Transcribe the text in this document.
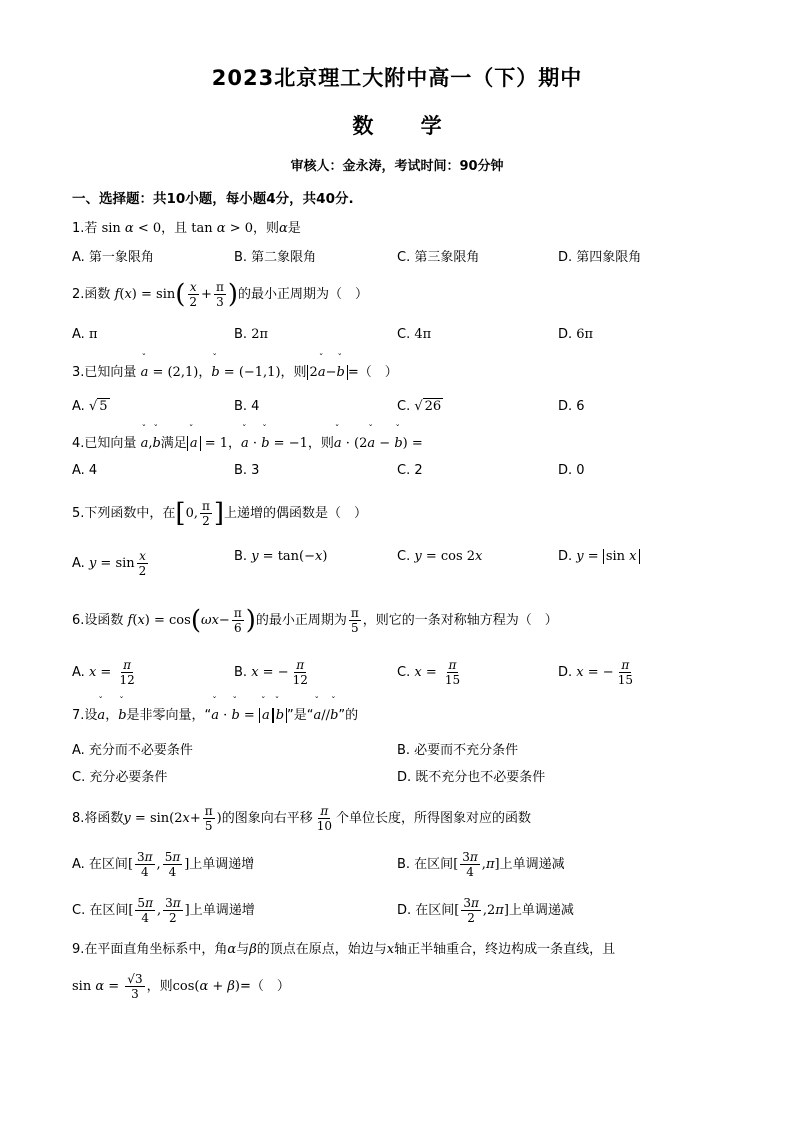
2023北京理工大附中高一（下）期中
数 学
审核人：金永涛，考试时间：90分钟
一、选择题：共10小题，每小题4分，共40分.
1.若 sin α < 0，且 tan α > 0，则α是
A. 第一象限角	B. 第二象限角	C. 第三象限角	D. 第四象限角
2.函数 $f(x) = \sin( \frac{x}{2} + \frac{\pi}{3}$ )的最小正周期为（　）
A. π	B. 2π	C. 4π	D. 6π
3.已知向量 ˇ a = (2,1)，ˇ b = (−1,1)，则 2ˇ a−ˇ b =（　）
A. √ 5	B. 4	C. √ 26	D. 6
4.已知向量 ˇ a,ˇ b满足 ˇ a = 1，ˇ a · ˇ b = −1，则ˇ a · (2ˇ a − ˇ b) =
A. 4	B. 3	C. 2	D. 0
5.下列函数中，在[0, $\frac{\pi}{2}$ ]上递增的偶函数是（　）
A. $y = \sin \frac{x}{2}$	B. y = tan(−x)	C. y = cos 2x	D. y = sin x
6.设函数 $f(x) = \cos(\omega x- \frac{\pi}{6}$ )的最小正周期为 $\frac{\pi}{5}$ ，则它的一条对称轴方程为（　）
A. $x = \frac{\pi}{12}$	B. x = − $\frac{\pi}{12}$	C. $x = \frac{\pi}{15}$	D. x = − $\frac{\pi}{15}$
7.设ˇ a，ˇ b是非零向量，“ˇ a · ˇ b = ˇ a ˇ b ”是“ˇ a//ˇ b”的
A. 充分而不必要条件	B. 必要而不充分条件
C. 充分必要条件	D. 既不充分也不必要条件
8.将函数$y = \sin(2x+ \frac{\pi}{5}$ )的图象向右平移 $\frac{\pi}{10}$ 个单位长度，所得图象对应的函数
A. 在区间[ $\frac{3\pi}{4}$ , $\frac{5\pi}{4}$ ]上单调递增	B. 在区间[ $\frac{3\pi}{4} ,\pi$]上单调递减
C. 在区间[ $\frac{5\pi}{4}$ , $\frac{3\pi}{2}$ ]上单调递增	D. 在区间[ $\frac{3\pi}{2} ,2\pi$]上单调递减
9.在平面直角坐标系中，角α与β的顶点在原点，始边与x轴正半轴重合，终边构成一条直线，且
$\sin \alpha = \frac{√3}{3}$ ，则cos(α + β)=（　）
